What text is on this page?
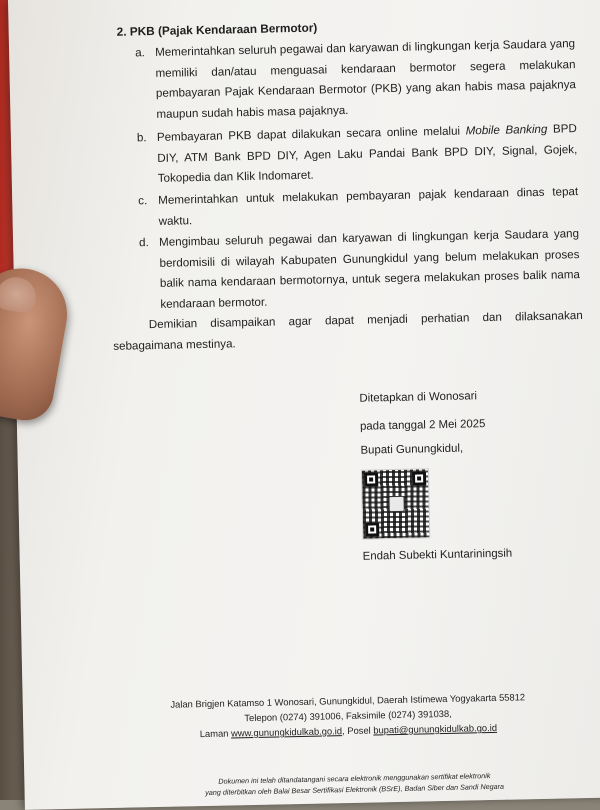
2. PKB (Pajak Kendaraan Bermotor)
a. Memerintahkan seluruh pegawai dan karyawan di lingkungan kerja Saudara yang memiliki dan/atau menguasai kendaraan bermotor segera melakukan pembayaran Pajak Kendaraan Bermotor (PKB) yang akan habis masa pajaknya maupun sudah habis masa pajaknya.
b. Pembayaran PKB dapat dilakukan secara online melalui Mobile Banking BPD DIY, ATM Bank BPD DIY, Agen Laku Pandai Bank BPD DIY, Signal, Gojek, Tokopedia dan Klik Indomaret.
c. Memerintahkan untuk melakukan pembayaran pajak kendaraan dinas tepat waktu.
d. Mengimbau seluruh pegawai dan karyawan di lingkungan kerja Saudara yang berdomisili di wilayah Kabupaten Gunungkidul yang belum melakukan proses balik nama kendaraan bermotornya, untuk segera melakukan proses balik nama kendaraan bermotor.
Demikian disampaikan agar dapat menjadi perhatian dan dilaksanakan sebagaimana mestinya.
Ditetapkan di Wonosari
pada tanggal 2 Mei 2025
Bupati Gunungkidul,
Endah Subekti Kuntariningsih
Jalan Brigjen Katamso 1 Wonosari, Gunungkidul, Daerah Istimewa Yogyakarta 55812
Telepon (0274) 391006, Faksimile (0274) 391038,
Laman www.gunungkidulkab.go.id, Posel bupati@gunungkidulkab.go.id
Dokumen ini telah ditandatangani secara elektronik menggunakan sertifikat elektronik
yang diterbitkan oleh Balai Besar Sertifikasi Elektronik (BSrE), Badan Siber dan Sandi Negara
